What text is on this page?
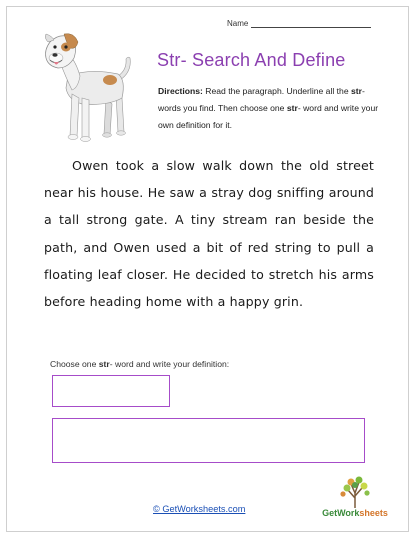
Name
Str- Search And Define
Directions: Read the paragraph. Underline all the str- words you find. Then choose one str- word and write your own definition for it.
Owen took a slow walk down the old street near his house. He saw a stray dog sniffing around a tall strong gate. A tiny stream ran beside the path, and Owen used a bit of red string to pull a floating leaf closer. He decided to stretch his arms before heading home with a happy grin.
Choose one str- word and write your definition:
© GetWorksheets.com	GetWorksheets
